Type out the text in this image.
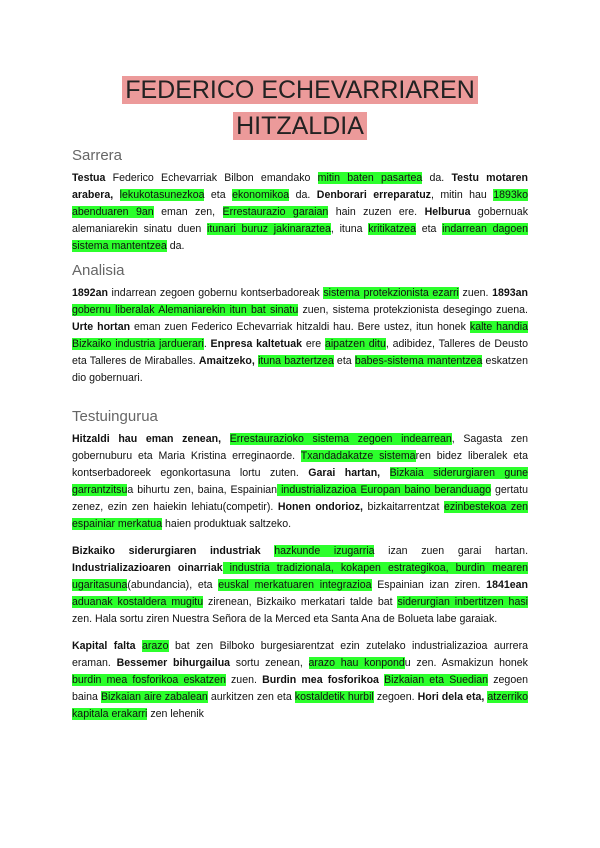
FEDERICO ECHEVARRIAREN
HITZALDIA
Sarrera

Testua Federico Echevarriak Bilbon emandako mitin baten pasartea da. Testu motaren arabera, lekukotasunezkoa eta ekonomikoa da. Denborari erreparatuz, mitin hau 1893ko abenduaren 9an eman zen, Errestaurazio garaian hain zuzen ere. Helburua gobernuak alemaniarekin sinatu duen itunari buruz jakinaraztea, ituna kritikatzea eta indarrean dagoen sistema mantentzea da.

Analisia

1892an indarrean zegoen gobernu kontserbadoreak sistema protekzionista ezarri zuen. 1893an gobernu liberalak Alemaniarekin itun bat sinatu zuen, sistema protekzionista desegingo zuena. Urte hortan eman zuen Federico Echevarriak hitzaldi hau. Bere ustez, itun honek kalte handia Bizkaiko industria jarduerari. Enpresa kaltetuak ere aipatzen ditu, adibidez, Talleres de Deusto eta Talleres de Miraballes. Amaitzeko, ituna baztertzea eta babes-sistema mantentzea eskatzen dio gobernuari.

Testuingurua

Hitzaldi hau eman zenean, Errestaurazioko sistema zegoen indearrean, Sagasta zen gobernuburu eta Maria Kristina erreginaorde. Txandadakatze sistemaren bidez liberalek eta kontserbadoreek egonkortasuna lortu zuten. Garai hartan, Bizkaia siderurgiaren gune garrantzitsua bihurtu zen, baina, Espainian industrializazioa Europan baino beranduago gertatu zenez, ezin zen haiekin lehiatu(competir). Honen ondorioz, bizkaitarrentzat ezinbestekoa zen espainiar merkatua haien produktuak saltzeko.

Bizkaiko siderurgiaren industriak hazkunde izugarria izan zuen garai hartan. Industrializazioaren oinarriak industria tradizionala, kokapen estrategikoa, burdin mearen ugaritasuna(abundancia), eta euskal merkatuaren integrazioa Espainian izan ziren. 1841ean aduanak kostaldera mugitu zirenean, Bizkaiko merkatari talde bat siderurgian inbertitzen hasi zen. Hala sortu ziren Nuestra Señora de la Merced eta Santa Ana de Bolueta labe garaiak.

Kapital falta arazo bat zen Bilboko burgesiarentzat ezin zutelako industrializazioa aurrera eraman. Bessemer bihurgailua sortu zenean, arazo hau konpondu zen. Asmakizun honek burdin mea fosforikoa eskatzen zuen. Burdin mea fosforikoa Bizkaian eta Suedian zegoen baina Bizkaian aire zabalean aurkitzen zen eta kostaldetik hurbil zegoen. Hori dela eta, atzerriko kapitala erakarri zen lehenik
